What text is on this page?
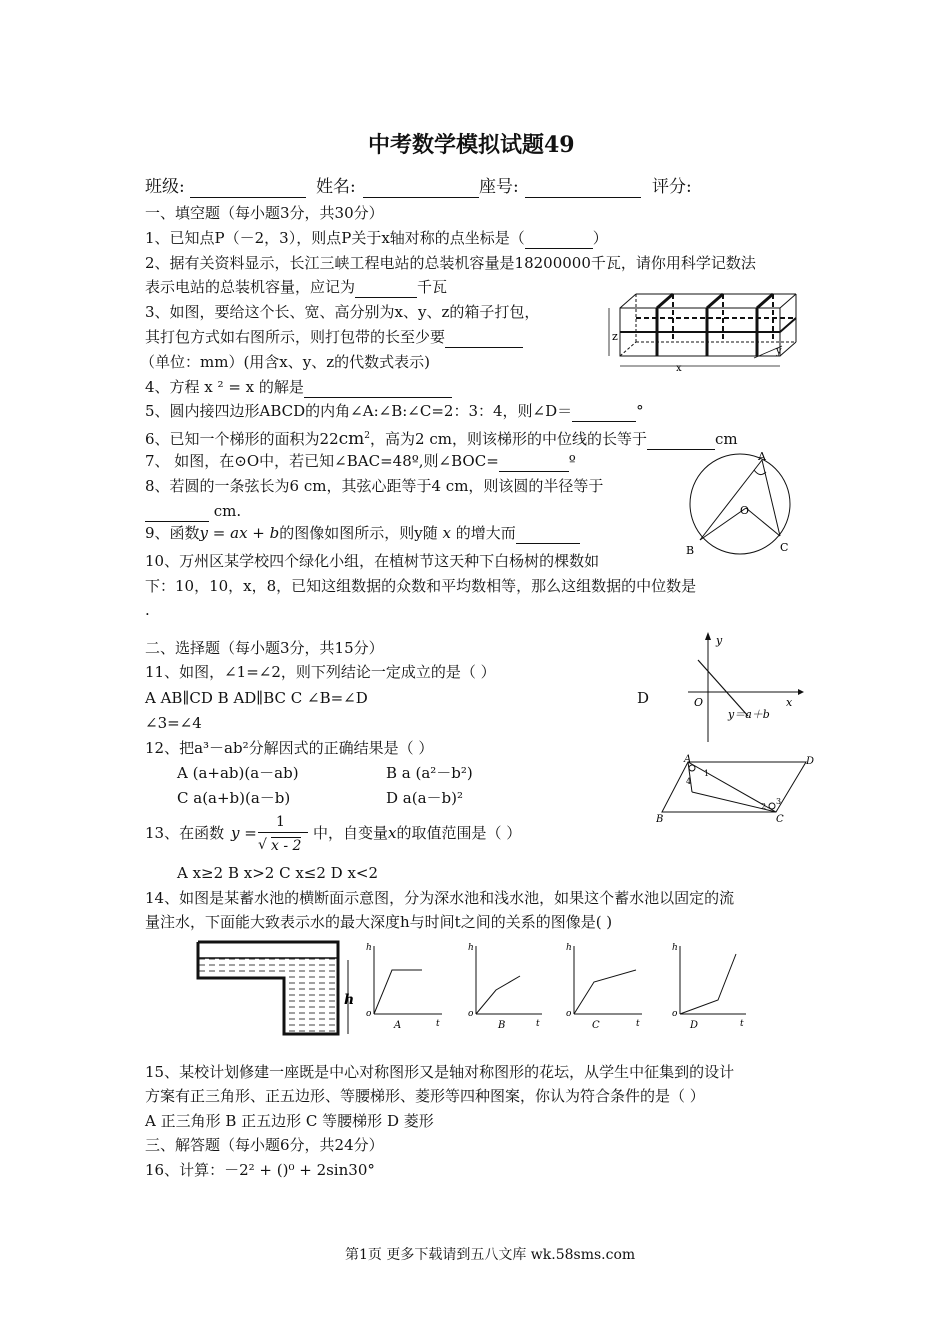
中考数学模拟试题49
班级:
	姓名:
	座号:
	评分:
一、填空题（每小题3分，共30分）
1、已知点P（－2，3），则点P关于x轴对称的点坐标是（	）
2、据有关资料显示，长江三峡工程电站的总装机容量是18200000千瓦，请你用科学记数法
表示电站的总装机容量，应记为	千瓦
3、如图，要给这个长、宽、高分别为x、y、z的箱子打包，
其打包方式如右图所示，则打包带的长至少要
（单位：mm）(用含x、y、z的代数式表示)
4、方程 x ² = x 的解是
5、圆内接四边形ABCD的内角∠A:∠B:∠C=2：3：4，则∠D＝	°
6、已知一个梯形的面积为$22cm^2$，高为2 cm，则该梯形的中位线的长等于	cm
7、 如图，在⊙O中，若已知∠BAC=48º,则∠BOC=	º
8、若圆的一条弦长为6 cm，其弦心距等于4 cm，则该圆的半径等于
cm.
9、函数y = ax + b的图像如图所示，则y随 x 的增大而
10、万州区某学校四个绿化小组，在植树节这天种下白杨树的棵数如
下：10，10，x，8，已知这组数据的众数和平均数相等，那么这组数据的中位数是
.
二、选择题（每小题3分，共15分）
11、如图，∠1=∠2，则下列结论一定成立的是（ ）
A AB∥CD B AD∥BC C ∠B=∠D	D
∠3=∠4
12、把a³－ab²分解因式的正确结果是（ ）
A (a+ab)(a－ab)	B a (a²－b²)
C a(a+b)(a－b)	D a(a－b)²
13、在函数 y =
1
√ x - 2
中，自变量x的取值范围是（ ）
A x≥2 B x>2 C x≤2 D x<2
14、如图是某蓄水池的横断面示意图，分为深水池和浅水池，如果这个蓄水池以固定的流
量注水，下面能大致表示水的最大深度h与时间t之间的关系的图像是( )
15、某校计划修建一座既是中心对称图形又是轴对称图形的花坛，从学生中征集到的设计
方案有正三角形、正五边形、等腰梯形、菱形等四种图案，你认为符合条件的是（ ）
A 正三角形 B 正五边形 C 等腰梯形 D 菱形
三、解答题（每小题6分，共24分）
16、计算：－2² + ()⁰ + 2sin30°
第1页 更多下载请到五八文库 wk.58sms.com
z
x
y
A
O
B	C
y
x
O
y＝a＋b
A	D
B	C
1
2
3
4
h
h
o
t
A
h
o
t
B
h
o
t
C
h
o
t
D
